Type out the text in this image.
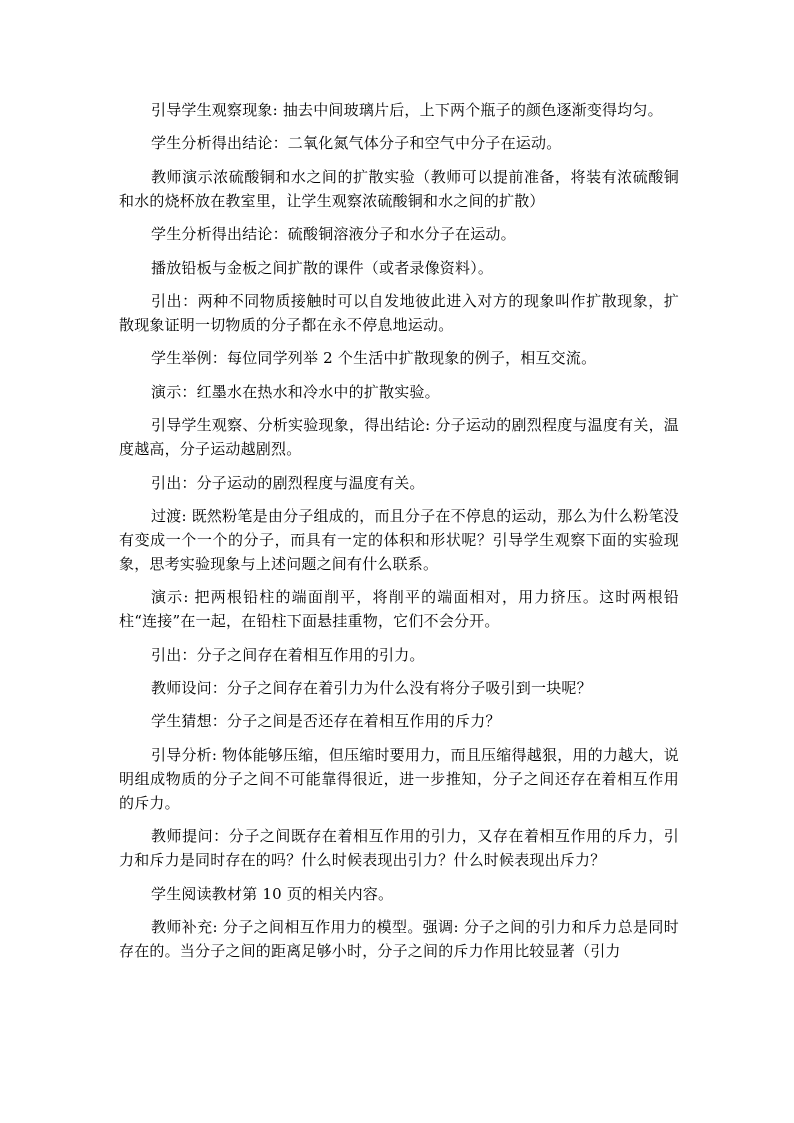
引导学生观察现象: 抽去中间玻璃片后，上下两个瓶子的颜色逐渐变得均匀。

学生分析得出结论：二氧化氮气体分子和空气中分子在运动。

教师演示浓硫酸铜和水之间的扩散实验（教师可以提前准备，将装有浓硫酸铜和水的烧杯放在教室里，让学生观察浓硫酸铜和水之间的扩散）

学生分析得出结论：硫酸铜溶液分子和水分子在运动。

播放铅板与金板之间扩散的课件（或者录像资料）。

引出：两种不同物质接触时可以自发地彼此进入对方的现象叫作扩散现象，扩散现象证明一切物质的分子都在永不停息地运动。

学生举例：每位同学列举 2 个生活中扩散现象的例子，相互交流。

演示：红墨水在热水和冷水中的扩散实验。

引导学生观察、分析实验现象，得出结论: 分子运动的剧烈程度与温度有关，温度越高，分子运动越剧烈。

引出：分子运动的剧烈程度与温度有关。

过渡: 既然粉笔是由分子组成的，而且分子在不停息的运动，那么为什么粉笔没有变成一个一个的分子，而具有一定的体积和形状呢？引导学生观察下面的实验现象，思考实验现象与上述问题之间有什么联系。

演示: 把两根铅柱的端面削平，将削平的端面相对，用力挤压。这时两根铅柱“连接”在一起，在铅柱下面悬挂重物，它们不会分开。

引出：分子之间存在着相互作用的引力。

教师设问：分子之间存在着引力为什么没有将分子吸引到一块呢？

学生猜想：分子之间是否还存在着相互作用的斥力？

引导分析: 物体能够压缩，但压缩时要用力，而且压缩得越狠，用的力越大，说明组成物质的分子之间不可能靠得很近，进一步推知，分子之间还存在着相互作用的斥力。

教师提问：分子之间既存在着相互作用的引力，又存在着相互作用的斥力，引力和斥力是同时存在的吗？什么时候表现出引力？什么时候表现出斥力？

学生阅读教材第 10 页的相关内容。

教师补充: 分子之间相互作用力的模型。强调: 分子之间的引力和斥力总是同时存在的。当分子之间的距离足够小时，分子之间的斥力作用比较显著（引力
